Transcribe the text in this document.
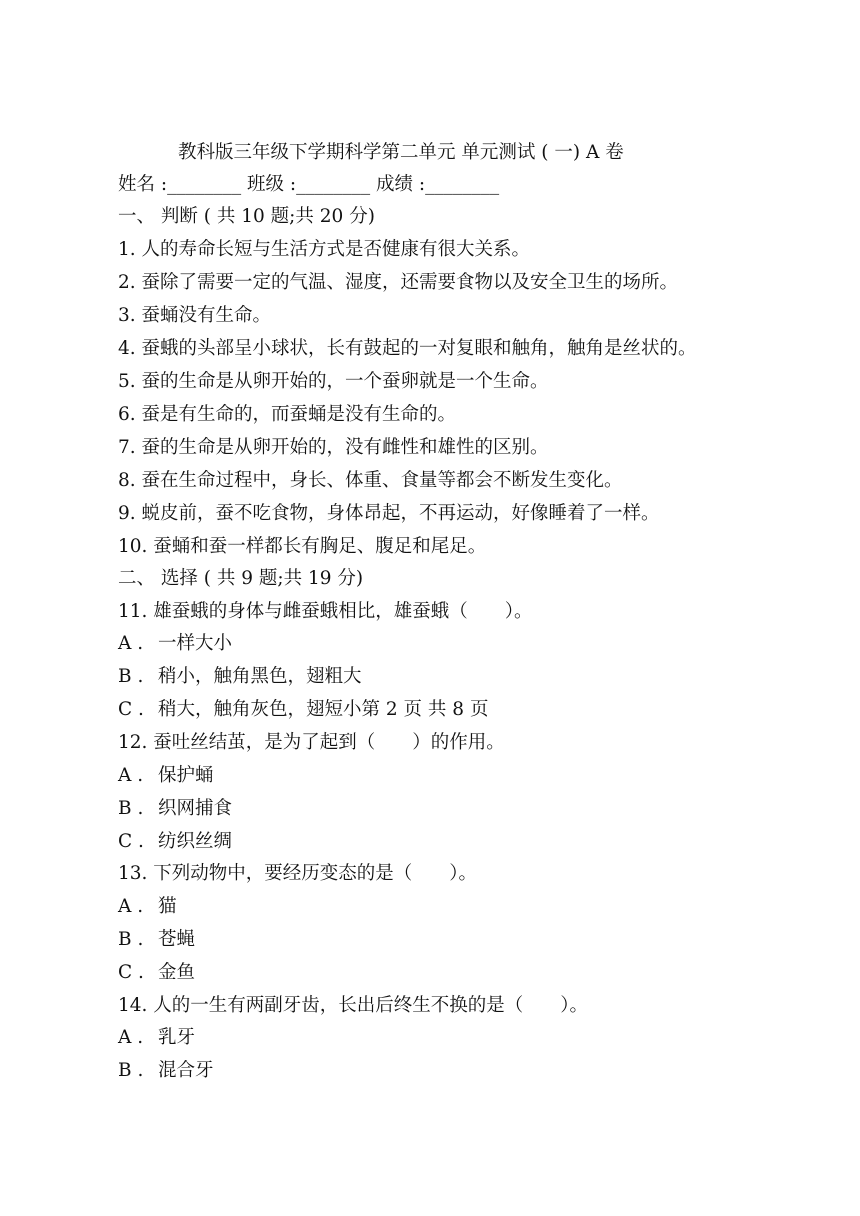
教科版三年级下学期科学第二单元 单元测试 ( 一) A 卷
姓名 :________ 班级 :________ 成绩 :________
一、 判断 ( 共 10 题;共 20 分)
1. 人的寿命长短与生活方式是否健康有很大关系。
2. 蚕除了需要一定的气温、湿度，还需要食物以及安全卫生的场所。
3. 蚕蛹没有生命。
4. 蚕蛾的头部呈小球状，长有鼓起的一对复眼和触角，触角是丝状的。
5. 蚕的生命是从卵开始的，一个蚕卵就是一个生命。
6. 蚕是有生命的，而蚕蛹是没有生命的。
7. 蚕的生命是从卵开始的，没有雌性和雄性的区别。
8. 蚕在生命过程中，身长、体重、食量等都会不断发生变化。
9. 蜕皮前，蚕不吃食物，身体昂起，不再运动，好像睡着了一样。
10. 蚕蛹和蚕一样都长有胸足、腹足和尾足。
二、 选择 ( 共 9 题;共 19 分)
11. 雄蚕蛾的身体与雌蚕蛾相比，雄蚕蛾（　　）。
A . 一样大小
B . 稍小，触角黑色，翅粗大
C . 稍大，触角灰色，翅短小第 2 页 共 8 页
12. 蚕吐丝结茧，是为了起到（　　）的作用。
A . 保护蛹
B . 织网捕食
C . 纺织丝绸
13. 下列动物中，要经历变态的是（　　）。
A . 猫
B . 苍蝇
C . 金鱼
14. 人的一生有两副牙齿，长出后终生不换的是（　　）。
A . 乳牙
B . 混合牙
